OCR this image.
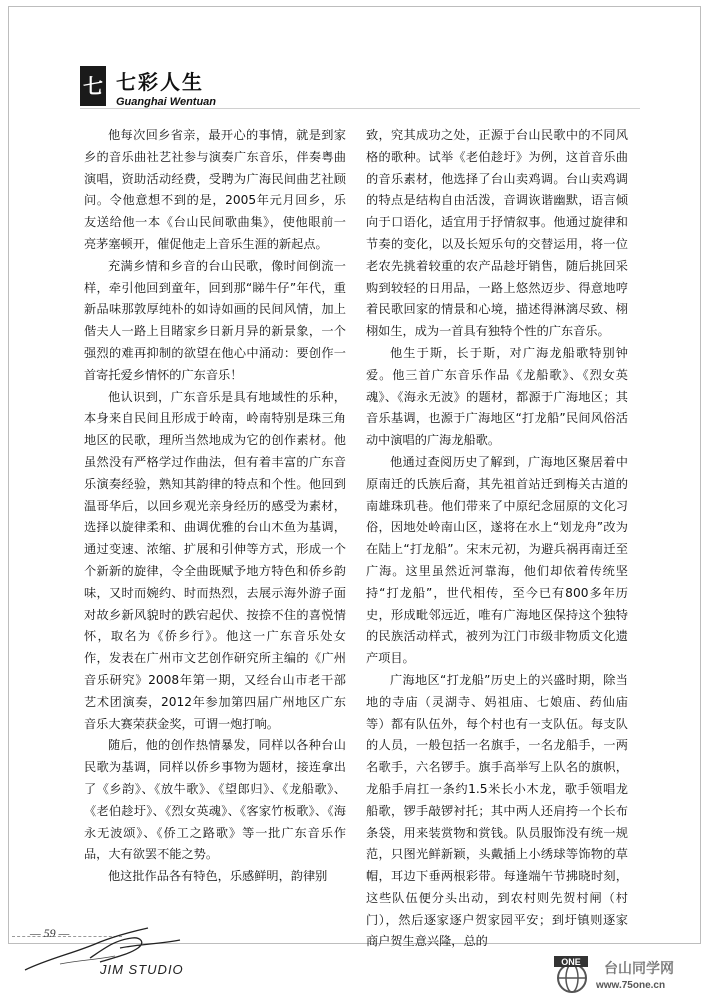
七 七彩人生
Guanghai Wentuan

他每次回乡省亲，最开心的事情，就是到家乡的音乐曲社艺社参与演奏广东音乐，伴奏粤曲演唱，资助活动经费，受聘为广海民间曲艺社顾问。令他意想不到的是，2005年元月回乡，乐友送给他一本《台山民间歌曲集》，使他眼前一亮茅塞顿开，催促他走上音乐生涯的新起点。

充满乡情和乡音的台山民歌，像时间倒流一样，牵引他回到童年，回到那“睇牛仔”年代，重新品味那敦厚纯朴的如诗如画的民间风情，加上偕夫人一路上目睹家乡日新月异的新景象，一个强烈的难再抑制的欲望在他心中涌动：要创作一首寄托爱乡情怀的广东音乐！

他认识到，广东音乐是具有地域性的乐种，本身来自民间且形成于岭南，岭南特别是珠三角地区的民歌，理所当然地成为它的创作素材。他虽然没有严格学过作曲法，但有着丰富的广东音乐演奏经验，熟知其韵律的特点和个性。他回到温哥华后，以回乡观光亲身经历的感受为素材，选择以旋律柔和、曲调优雅的台山木鱼为基调，通过变速、浓缩、扩展和引伸等方式，形成一个个新新的旋律，令全曲既赋予地方特色和侨乡韵味，又时而婉约、时而热烈，去展示海外游子面对故乡新风貌时的跌宕起伏、按捺不住的喜悦情怀，取名为《侨乡行》。他这一广东音乐处女作，发表在广州市文艺创作研究所主编的《广州音乐研究》2008年第一期，又经台山市老干部艺术团演奏，2012年参加第四届广州地区广东音乐大赛荣获金奖，可谓一炮打响。

随后，他的创作热情暴发，同样以各种台山民歌为基调，同样以侨乡事物为题材，接连拿出了《乡韵》、《放牛歌》、《望郎归》、《龙船歌》、《老伯趁圩》、《烈女英魂》、《客家竹板歌》、《海永无波颂》、《侨工之路歌》等一批广东音乐作品，大有欲罢不能之势。

他这批作品各有特色，乐感鲜明，韵律别

致，究其成功之处，正源于台山民歌中的不同风格的歌种。试举《老伯趁圩》为例，这首音乐曲的音乐素材，他选择了台山卖鸡调。台山卖鸡调的特点是结构自由活泼，音调诙谐幽默，语言倾向于口语化，适宜用于抒情叙事。他通过旋律和节奏的变化，以及长短乐句的交替运用，将一位老农先挑着较重的农产品趁圩销售，随后挑回采购到较轻的日用品，一路上悠然迈步、得意地哼着民歌回家的情景和心境，描述得淋漓尽致、栩栩如生，成为一首具有独特个性的广东音乐。

他生于斯，长于斯，对广海龙船歌特别钟爱。他三首广东音乐作品《龙船歌》、《烈女英魂》、《海永无波》的题材，都源于广海地区；其音乐基调，也源于广海地区“打龙船”民间风俗活动中演唱的广海龙船歌。

他通过查阅历史了解到，广海地区聚居着中原南迁的氏族后裔，其先祖首站迁到梅关古道的南雄珠玑巷。他们带来了中原纪念屈原的文化习俗，因地处岭南山区，遂将在水上“划龙舟”改为在陆上“打龙船”。宋末元初，为避兵祸再南迁至广海。这里虽然近河靠海，他们却依着传统坚持“打龙船”，世代相传，至今已有800多年历史，形成毗邻远近，唯有广海地区保持这个独特的民族活动样式，被列为江门市级非物质文化遗产项目。

广海地区“打龙船”历史上的兴盛时期，除当地的寺庙（灵湖寺、妈祖庙、七娘庙、药仙庙等）都有队伍外，每个村也有一支队伍。每支队的人员，一般包括一名旗手，一名龙船手，一两名歌手，六名锣手。旗手高举写上队名的旗帜，龙船手肩扛一条约1.5米长小木龙，歌手领唱龙船歌，锣手敲锣衬托；其中两人还肩挎一个长布条袋，用来装赏物和赏钱。队员服饰没有统一规范，只图光鲜新颖，头戴插上小绣球等饰物的草帽，耳边下垂两根彩带。每逢端午节拂晓时刻，这些队伍便分头出动，到农村则先贺村闸（村门），然后逐家逐户贺家园平安；到圩镇则逐家商户贺生意兴隆，总的

— 59 —
JIM STUDIO	ONE 台山同学网
www.75one.cn
